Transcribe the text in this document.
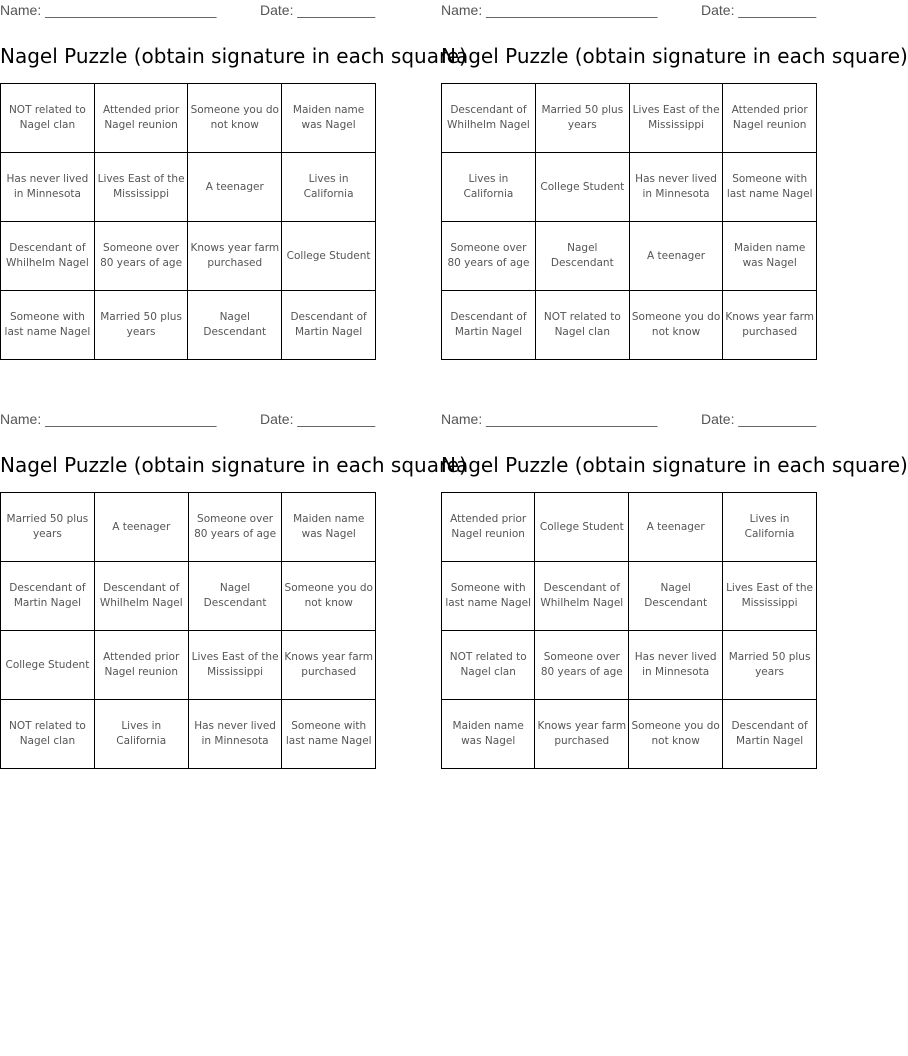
Name: ______________________	Date: __________
Nagel Puzzle (obtain signature in each square)
NOT related to Nagel clan	Attended prior Nagel reunion	Someone you do not know	Maiden name was Nagel
Has never lived in Minnesota	Lives East of the Mississippi	A teenager	Lives in California
Descendant of Whilhelm Nagel	Someone over 80 years of age	Knows year farm purchased	College Student
Someone with last name Nagel	Married 50 plus years	Nagel Descendant	Descendant of Martin Nagel
Name: ______________________	Date: __________
Nagel Puzzle (obtain signature in each square)
Descendant of Whilhelm Nagel	Married 50 plus years	Lives East of the Mississippi	Attended prior Nagel reunion
Lives in California	College Student	Has never lived in Minnesota	Someone with last name Nagel
Someone over 80 years of age	Nagel Descendant	A teenager	Maiden name was Nagel
Descendant of Martin Nagel	NOT related to Nagel clan	Someone you do not know	Knows year farm purchased
Name: ______________________	Date: __________
Nagel Puzzle (obtain signature in each square)
Married 50 plus years	A teenager	Someone over 80 years of age	Maiden name was Nagel
Descendant of Martin Nagel	Descendant of Whilhelm Nagel	Nagel Descendant	Someone you do not know
College Student	Attended prior Nagel reunion	Lives East of the Mississippi	Knows year farm purchased
NOT related to Nagel clan	Lives in California	Has never lived in Minnesota	Someone with last name Nagel
Name: ______________________	Date: __________
Nagel Puzzle (obtain signature in each square)
Attended prior Nagel reunion	College Student	A teenager	Lives in California
Someone with last name Nagel	Descendant of Whilhelm Nagel	Nagel Descendant	Lives East of the Mississippi
NOT related to Nagel clan	Someone over 80 years of age	Has never lived in Minnesota	Married 50 plus years
Maiden name was Nagel	Knows year farm purchased	Someone you do not know	Descendant of Martin Nagel
